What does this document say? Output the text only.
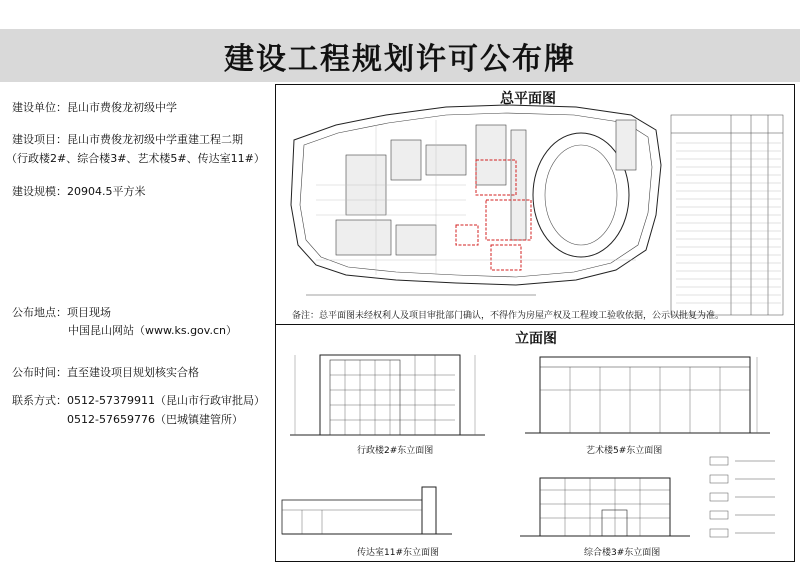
建设工程规划许可公布牌
建设单位：昆山市费俊龙初级中学
建设项目：昆山市费俊龙初级中学重建工程二期
（行政楼2#、综合楼3#、艺术楼5#、传达室11#）
建设规模：20904.5平方米
公布地点：项目现场
中国昆山网站（www.ks.gov.cn）
公布时间：直至建设项目规划核实合格
联系方式：0512-57379911（昆山市行政审批局）
0512-57659776（巴城镇建管所）
总平面图
备注：总平面图未经权利人及项目审批部门确认，不得作为房屋产权及工程竣工验收依据，公示以批复为准。
立面图
行政楼2#东立面图	艺术楼5#东立面图
传达室11#东立面图	综合楼3#东立面图
